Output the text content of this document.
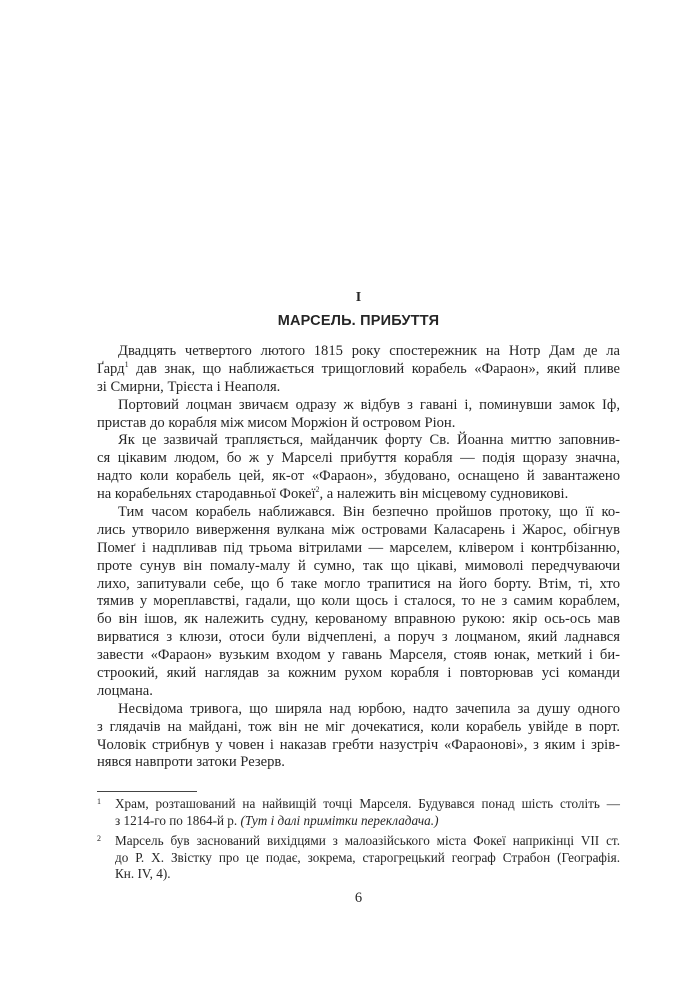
I
МАРСЕЛЬ. ПРИБУТТЯ
Двадцять четвертого лютого 1815 року спостережник на Нотр Дам де ла
Ґард$^1$ дав знак, що наближається трищогловий корабель «Фараон», який пливе
зі Смирни, Трієста і Неаполя.
Портовий лоцман звичаєм одразу ж відбув з гавані і, поминувши замок Іф,
пристав до корабля між мисом Моржіон й островом Ріон.
Як це зазвичай трапляється, майданчик форту Св. Йоанна миттю заповнив-
ся цікавим людом, бо ж у Марселі прибуття корабля — подія щоразу значна,
надто коли корабель цей, як-от «Фараон», збудовано, оснащено й завантажено
на корабельнях стародавньої Фокеї$^2$, а належить він місцевому судновикові.
Тим часом корабель наближався. Він безпечно пройшов протоку, що її ко-
лись утворило виверження вулкана між островами Каласарень і Жарос, обігнув
Помеґ і надпливав під трьома вітрилами — марселем, клівером і контрбізанню,
проте сунув він помалу-малу й сумно, так що цікаві, мимоволі передчуваючи
лихо, запитували себе, що б таке могло трапитися на його борту. Втім, ті, хто
тямив у мореплавстві, гадали, що коли щось і сталося, то не з самим кораблем,
бо він ішов, як належить судну, керованому вправною рукою: якір ось-ось мав
вирватися з клюзи, отоси були відчеплені, а поруч з лоцманом, який ладнався
завести «Фараон» вузьким входом у гавань Марселя, стояв юнак, меткий і би-
строокий, який наглядав за кожним рухом корабля і повторював усі команди
лоцмана.
Несвідома тривога, що ширяла над юрбою, надто зачепила за душу одного
з глядачів на майдані, тож він не міг дочекатися, коли корабель увійде в порт.
Чоловік стрибнув у човен і наказав гребти назустріч «Фараонові», з яким і зрів-
нявся навпроти затоки Резерв.
1 Храм, розташований на найвищій точці Марселя. Будувався понад шість століть —
з 1214-го по 1864-й р. (Тут і далі примітки перекладача.)
2 Марсель був заснований вихідцями з малоазійського міста Фокеї наприкінці VII ст.
до Р. Х. Звістку про це подає, зокрема, старогрецький географ Страбон (Географія.
Кн. IV, 4).
6
